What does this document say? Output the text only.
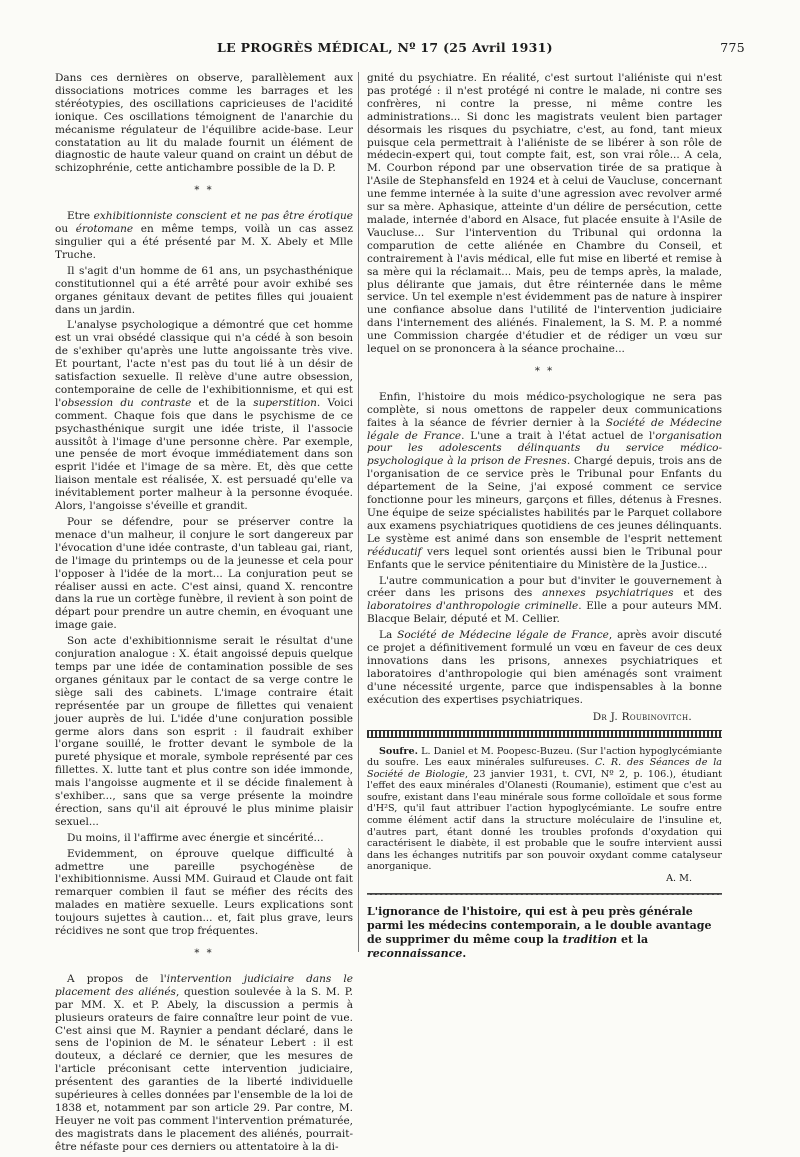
LE PROGRÈS MÉDICAL, Nº 17 (25 Avril 1931)	775

Dans ces dernières on observe, parallèlement aux dissociations motrices comme les barrages et les stéréotypies, des oscillations capricieuses de l'acidité ionique. Ces oscillations témoignent de l'anarchie du mécanisme régulateur de l'équilibre acide-base. Leur constatation au lit du malade fournit un élément de diagnostic de haute valeur quand on craint un début de schizophrénie, cette antichambre possible de la D. P.

* *

Etre exhibitionniste conscient et ne pas être érotique ou érotomane en même temps, voilà un cas assez singulier qui a été présenté par M. X. Abely et Mlle Truche.

Il s'agit d'un homme de 61 ans, un psychasthénique constitutionnel qui a été arrêté pour avoir exhibé ses organes génitaux devant de petites filles qui jouaient dans un jardin.

L'analyse psychologique a démontré que cet homme est un vrai obsédé classique qui n'a cédé à son besoin de s'exhiber qu'après une lutte angoissante très vive. Et pourtant, l'acte n'est pas du tout lié à un désir de satisfaction sexuelle. Il relève d'une autre obsession, contemporaine de celle de l'exhibitionnisme, et qui est l'obsession du contraste et de la superstition. Voici comment. Chaque fois que dans le psychisme de ce psychasthénique surgit une idée triste, il l'associe aussitôt à l'image d'une personne chère. Par exemple, une pensée de mort évoque immédiatement dans son esprit l'idée et l'image de sa mère. Et, dès que cette liaison mentale est réalisée, X. est persuadé qu'elle va inévitablement porter malheur à la personne évoquée. Alors, l'angoisse s'éveille et grandit.

Pour se défendre, pour se préserver contre la menace d'un malheur, il conjure le sort dangereux par l'évocation d'une idée contraste, d'un tableau gai, riant, de l'image du printemps ou de la jeunesse et cela pour l'opposer à l'idée de la mort... La conjuration peut se réaliser aussi en acte. C'est ainsi, quand X. rencontre dans la rue un cortège funèbre, il revient à son point de départ pour prendre un autre chemin, en évoquant une image gaie.

Son acte d'exhibitionnisme serait le résultat d'une conjuration analogue : X. était angoissé depuis quelque temps par une idée de contamination possible de ses organes génitaux par le contact de sa verge contre le siège sali des cabinets. L'image contraire était représentée par un groupe de fillettes qui venaient jouer auprès de lui. L'idée d'une conjuration possible germe alors dans son esprit : il faudrait exhiber l'organe souillé, le frotter devant le symbole de la pureté physique et morale, symbole représenté par ces fillettes. X. lutte tant et plus contre son idée immonde, mais l'angoisse augmente et il se décide finalement à s'exhiber..., sans que sa verge présente la moindre érection, sans qu'il ait éprouvé le plus minime plaisir sexuel...

Du moins, il l'affirme avec énergie et sincérité...

Evidemment, on éprouve quelque difficulté à admettre une pareille psychogénèse de l'exhibitionnisme. Aussi MM. Guiraud et Claude ont fait remarquer combien il faut se méfier des récits des malades en matière sexuelle. Leurs explications sont toujours sujettes à caution... et, fait plus grave, leurs récidives ne sont que trop fréquentes.

* *

A propos de l'intervention judiciaire dans le placement des aliénés, question soulevée à la S. M. P. par MM. X. et P. Abely, la discussion a permis à plusieurs orateurs de faire connaître leur point de vue. C'est ainsi que M. Raynier a pendant déclaré, dans le sens de l'opinion de M. le sénateur Lebert : il est douteux, a déclaré ce dernier, que les mesures de l'article préconisant cette intervention judiciaire, présentent des garanties de la liberté individuelle supérieures à celles données par l'ensemble de la loi de 1838 et, notamment par son article 29. Par contre, M. Heuyer ne voit pas comment l'intervention prématurée, des magistrats dans le placement des aliénés, pourrait-être néfaste pour ces derniers ou attentatoire à la di-

gnité du psychiatre. En réalité, c'est surtout l'aliéniste qui n'est pas protégé : il n'est protégé ni contre le malade, ni contre ses confrères, ni contre la presse, ni même contre les administrations... Si donc les magistrats veulent bien partager désormais les risques du psychiatre, c'est, au fond, tant mieux puisque cela permettrait à l'aliéniste de se libérer à son rôle de médecin-expert qui, tout compte fait, est, son vrai rôle... A cela, M. Courbon répond par une observation tirée de sa pratique à l'Asile de Stephansfeld en 1924 et à celui de Vaucluse, concernant une femme internée à la suite d'une agression avec revolver armé sur sa mère. Aphasique, atteinte d'un délire de persécution, cette malade, internée d'abord en Alsace, fut placée ensuite à l'Asile de Vaucluse... Sur l'intervention du Tribunal qui ordonna la comparution de cette aliénée en Chambre du Conseil, et contrairement à l'avis médical, elle fut mise en liberté et remise à sa mère qui la réclamait... Mais, peu de temps après, la malade, plus délirante que jamais, dut être réinternée dans le même service. Un tel exemple n'est évidemment pas de nature à inspirer une confiance absolue dans l'utilité de l'intervention judiciaire dans l'internement des aliénés. Finalement, la S. M. P. a nommé une Commission chargée d'étudier et de rédiger un vœu sur lequel on se prononcera à la séance prochaine...

* *

Enfin, l'histoire du mois médico-psychologique ne sera pas complète, si nous omettons de rappeler deux communications faites à la séance de février dernier à la Société de Médecine légale de France. L'une a trait à l'état actuel de l'organisation pour les adolescents délinquants du service médico-psychologique à la prison de Fresnes. Chargé depuis, trois ans de l'organisation de ce service près le Tribunal pour Enfants du département de la Seine, j'ai exposé comment ce service fonctionne pour les mineurs, garçons et filles, détenus à Fresnes. Une équipe de seize spécialistes habilités par le Parquet collabore aux examens psychiatriques quotidiens de ces jeunes délinquants. Le système est animé dans son ensemble de l'esprit nettement rééducatif vers lequel sont orientés aussi bien le Tribunal pour Enfants que le service pénitentiaire du Ministère de la Justice...

L'autre communication a pour but d'inviter le gouvernement à créer dans les prisons des annexes psychiatriques et des laboratoires d'anthropologie criminelle. Elle a pour auteurs MM. Blacque Belair, député et M. Cellier.

La Société de Médecine légale de France, après avoir discuté ce projet a définitivement formulé un vœu en faveur de ces deux innovations dans les prisons, annexes psychiatriques et laboratoires d'anthropologie qui bien aménagés sont vraiment d'une nécessité urgente, parce que indispensables à la bonne exécution des expertises psychiatriques.

Dr J. Roubinovitch.

Soufre. L. Daniel et M. Poopesc-Buzeu. (Sur l'action hypoglycémiante du soufre. Les eaux minérales sulfureuses. C. R. des Séances de la Société de Biologie, 23 janvier 1931, t. CVI, Nº 2, p. 106.), étudiant l'effet des eaux minérales d'Olanesti (Roumanie), estiment que c'est au soufre, existant dans l'eau minérale sous forme colloïdale et sous forme d'H²S, qu'il faut attribuer l'action hypoglycémiante. Le soufre entre comme élément actif dans la structure moléculaire de l'insuline et, d'autres part, étant donné les troubles profonds d'oxydation qui caractérisent le diabète, il est probable que le soufre intervient aussi dans les échanges nutritifs par son pouvoir oxydant comme catalyseur anorganique.
A. M.

L'ignorance de l'histoire, qui est à peu près générale parmi les médecins contemporain, a le double avantage de supprimer du même coup la tradition et la reconnaissance.
